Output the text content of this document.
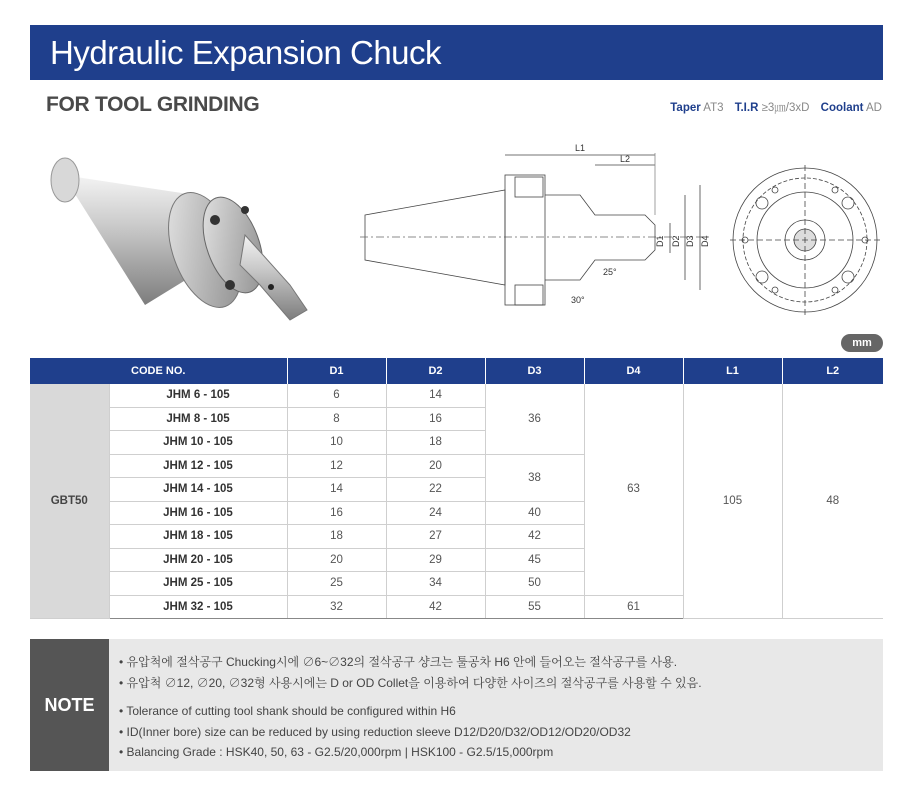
Hydraulic Expansion Chuck
FOR TOOL GRINDING	Taper AT3 T.I.R ≥3㎛/3xD Coolant AD
L1
L2
D1 D2 D3 D4
25°
30°
mm
CODE NO.		D1	D2	D3	D4	L1	L2
GBT50	JHM 6 - 105	6	14	36	63	105	48
	JHM 8 - 105	8	16				
	JHM 10 - 105	10	18				
	JHM 12 - 105	12	20	38			
	JHM 14 - 105	14	22				
	JHM 16 - 105	16	24	40			
	JHM 18 - 105	18	27	42			
	JHM 20 - 105	20	29	45			
	JHM 25 - 105	25	34	50			
	JHM 32 - 105	32	42	55	61		
NOTE
• 유압척에 절삭공구 Chucking시에 ∅6~∅32의 절삭공구 샹크는 툴공차 H6 안에 들어오는 절삭공구를 사용.
• 유압척 ∅12, ∅20, ∅32형 사용시에는 D or OD Collet을 이용하여 다양한 사이즈의 절삭공구를 사용할 수 있음.
• Tolerance of cutting tool shank should be configured within H6
• ID(Inner bore) size can be reduced by using reduction sleeve D12/D20/D32/OD12/OD20/OD32
• Balancing Grade : HSK40, 50, 63 - G2.5/20,000rpm | HSK100 - G2.5/15,000rpm
